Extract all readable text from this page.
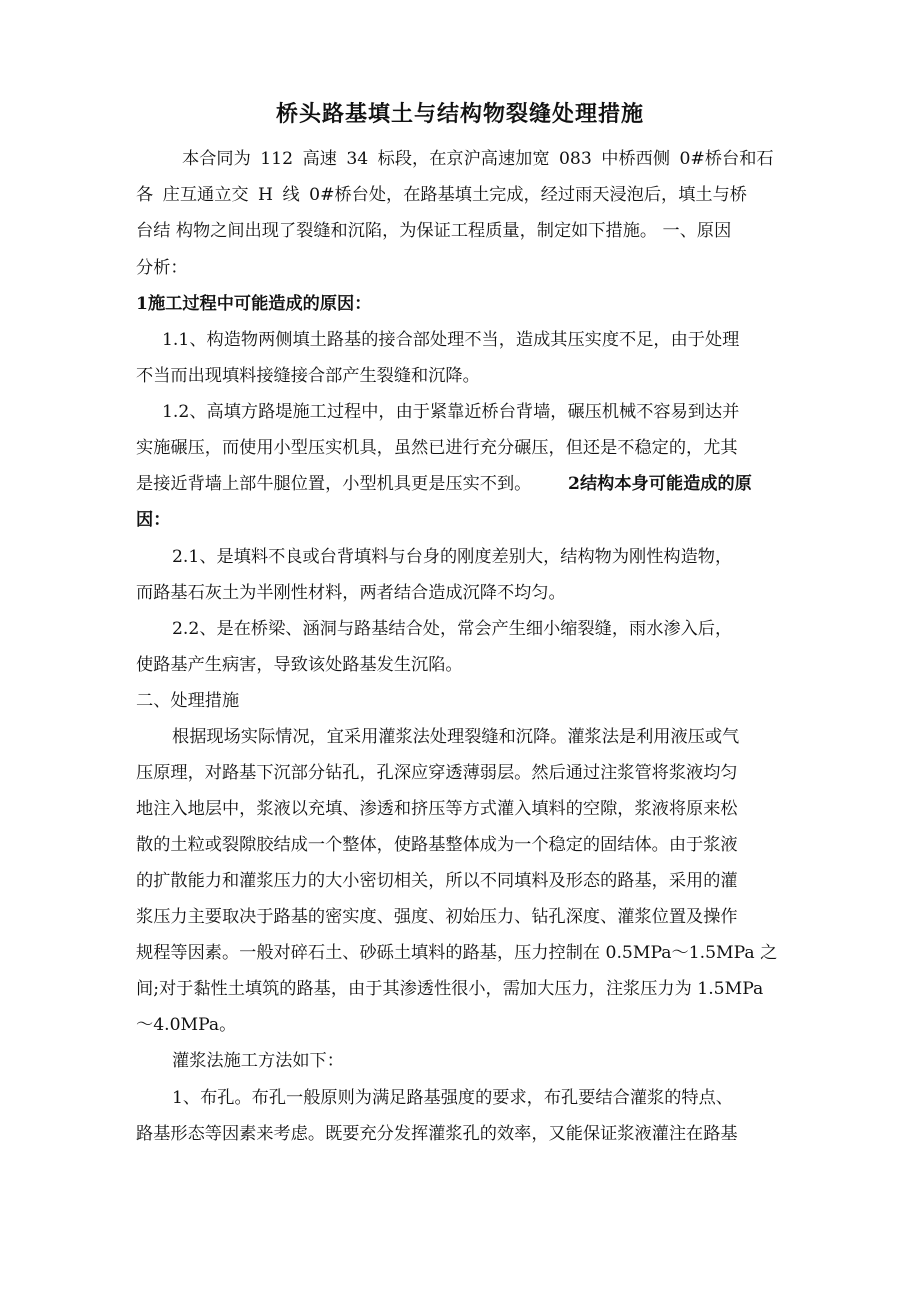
桥头路基填土与结构物裂缝处理措施
本合同为 112 高速 34 标段，在京沪高速加宽 083 中桥西侧 0#桥台和石
各 庄互通立交 H 线 0#桥台处，在路基填土完成，经过雨天浸泡后，填土与桥
台结 构物之间出现了裂缝和沉陷，为保证工程质量，制定如下措施。 一、原因
分析：
1施工过程中可能造成的原因：
1.1、构造物两侧填土路基的接合部处理不当，造成其压实度不足，由于处理
不当而出现填料接缝接合部产生裂缝和沉降。
1.2、高填方路堤施工过程中，由于紧靠近桥台背墙，碾压机械不容易到达并
实施碾压，而使用小型压实机具，虽然已进行充分碾压，但还是不稳定的，尤其
是接近背墙上部牛腿位置，小型机具更是压实不到。 2结构本身可能造成的原
因：
2.1、是填料不良或台背填料与台身的刚度差别大，结构物为刚性构造物，
而路基石灰土为半刚性材料，两者结合造成沉降不均匀。
2.2、是在桥梁、涵洞与路基结合处，常会产生细小缩裂缝，雨水渗入后，
使路基产生病害，导致该处路基发生沉陷。
二、处理措施
根据现场实际情况，宜采用灌浆法处理裂缝和沉降。灌浆法是利用液压或气
压原理，对路基下沉部分钻孔，孔深应穿透薄弱层。然后通过注浆管将浆液均匀
地注入地层中，浆液以充填、渗透和挤压等方式灌入填料的空隙，浆液将原来松
散的土粒或裂隙胶结成一个整体，使路基整体成为一个稳定的固结体。由于浆液
的扩散能力和灌浆压力的大小密切相关，所以不同填料及形态的路基，采用的灌
浆压力主要取决于路基的密实度、强度、初始压力、钻孔深度、灌浆位置及操作
规程等因素。一般对碎石土、砂砾土填料的路基，压力控制在 0.5MPa～1.5MPa 之
间;对于黏性土填筑的路基，由于其渗透性很小，需加大压力，注浆压力为 1.5MPa
～4.0MPa。
灌浆法施工方法如下：
1、布孔。布孔一般原则为满足路基强度的要求，布孔要结合灌浆的特点、
路基形态等因素来考虑。既要充分发挥灌浆孔的效率，又能保证浆液灌注在路基
